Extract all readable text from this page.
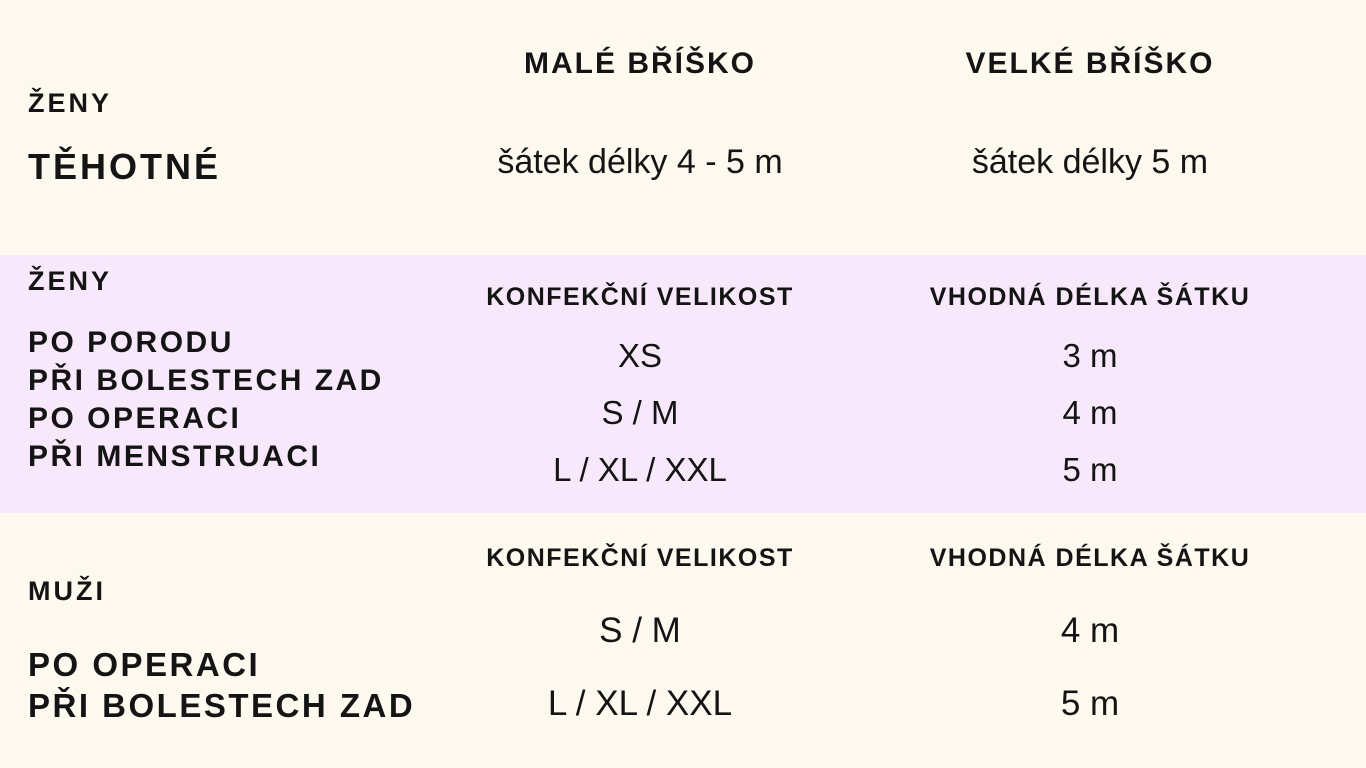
ŽENY
TĚHOTNÉ
MALÉ BŘÍŠKO
šátek délky 4 - 5 m
VELKÉ BŘÍŠKO
šátek délky 5 m
ŽENY
PO PORODU
PŘI BOLESTECH ZAD
PO OPERACI
PŘI MENSTRUACI
KONFEKČNÍ VELIKOST
XS
S / M
L / XL / XXL
VHODNÁ DÉLKA ŠÁTKU
3 m
4 m
5 m
MUŽI
PO OPERACI
PŘI BOLESTECH ZAD
KONFEKČNÍ VELIKOST
S / M
L / XL / XXL
VHODNÁ DÉLKA ŠÁTKU
4 m
5 m
